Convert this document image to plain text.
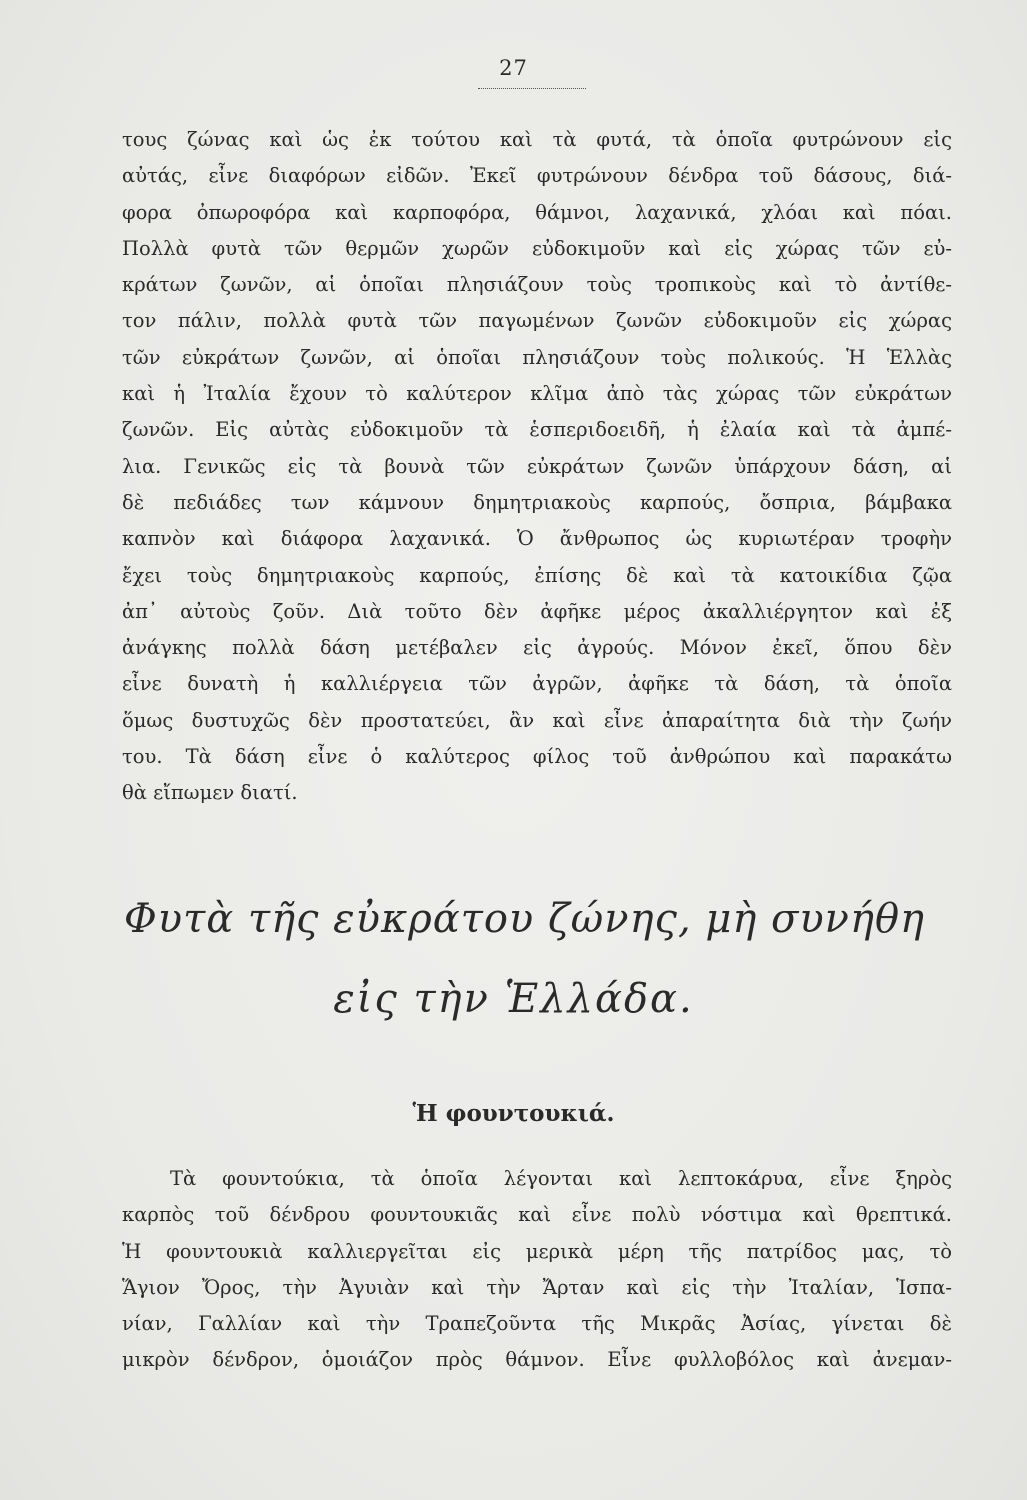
27
τους ζώνας καὶ ὡς ἐκ τούτου καὶ τὰ φυτά, τὰ ὁποῖα φυτρώνουν εἰς
αὐτάς, εἶνε διαφόρων εἰδῶν. Ἐκεῖ φυτρώνουν δένδρα τοῦ δάσους, διά-
φορα ὀπωροφόρα καὶ καρποφόρα, θάμνοι, λαχανικά, χλόαι καὶ πόαι.
Πολλὰ φυτὰ τῶν θερμῶν χωρῶν εὐδοκιμοῦν καὶ εἰς χώρας τῶν εὐ-
κράτων ζωνῶν, αἱ ὁποῖαι πλησιάζουν τοὺς τροπικοὺς καὶ τὸ ἀντίθε-
τον πάλιν, πολλὰ φυτὰ τῶν παγωμένων ζωνῶν εὐδοκιμοῦν εἰς χώρας
τῶν εὐκράτων ζωνῶν, αἱ ὁποῖαι πλησιάζουν τοὺς πολικούς. Ἡ Ἑλλὰς
καὶ ἡ Ἰταλία ἔχουν τὸ καλύτερον κλῖμα ἀπὸ τὰς χώρας τῶν εὐκράτων
ζωνῶν. Εἰς αὐτὰς εὐδοκιμοῦν τὰ ἑσπεριδοειδῆ, ἡ ἐλαία καὶ τὰ ἀμπέ-
λια. Γενικῶς εἰς τὰ βουνὰ τῶν εὐκράτων ζωνῶν ὑπάρχουν δάση, αἱ
δὲ πεδιάδες των κάμνουν δημητριακοὺς καρπούς, ὄσπρια, βάμβακα
καπνὸν καὶ διάφορα λαχανικά. Ὁ ἄνθρωπος ὡς κυριωτέραν τροφὴν
ἔχει τοὺς δημητριακοὺς καρπούς, ἐπίσης δὲ καὶ τὰ κατοικίδια ζῷα
ἀπ᾽ αὐτοὺς ζοῦν. Διὰ τοῦτο δὲν ἀφῆκε μέρος ἀκαλλιέργητον καὶ ἐξ
ἀνάγκης πολλὰ δάση μετέβαλεν εἰς ἀγρούς. Μόνον ἐκεῖ, ὅπου δὲν
εἶνε δυνατὴ ἡ καλλιέργεια τῶν ἀγρῶν, ἀφῆκε τὰ δάση, τὰ ὁποῖα
ὅμως δυστυχῶς δὲν προστατεύει, ἂν καὶ εἶνε ἀπαραίτητα διὰ τὴν ζωήν
του. Τὰ δάση εἶνε ὁ καλύτερος φίλος τοῦ ἀνθρώπου καὶ παρακάτω
θὰ εἴπωμεν διατί.
Φυτὰ τῆς εὐκράτου ζώνης, μὴ συνήθη
εἰς τὴν Ἑλλάδα.
Ἡ φουντουκιά.
Τὰ φουντούκια, τὰ ὁποῖα λέγονται καὶ λεπτοκάρυα, εἶνε ξηρὸς
καρπὸς τοῦ δένδρου φουντουκιᾶς καὶ εἶνε πολὺ νόστιμα καὶ θρεπτικά.
Ἡ φουντουκιὰ καλλιεργεῖται εἰς μερικὰ μέρη τῆς πατρίδος μας, τὸ
Ἅγιον Ὄρος, τὴν Ἀγυιὰν καὶ τὴν Ἄρταν καὶ εἰς τὴν Ἰταλίαν, Ἱσπα-
νίαν, Γαλλίαν καὶ τὴν Τραπεζοῦντα τῆς Μικρᾶς Ἀσίας, γίνεται δὲ
μικρὸν δένδρον, ὁμοιάζον πρὸς θάμνον. Εἶνε φυλλοβόλος καὶ ἀνεμαν-
